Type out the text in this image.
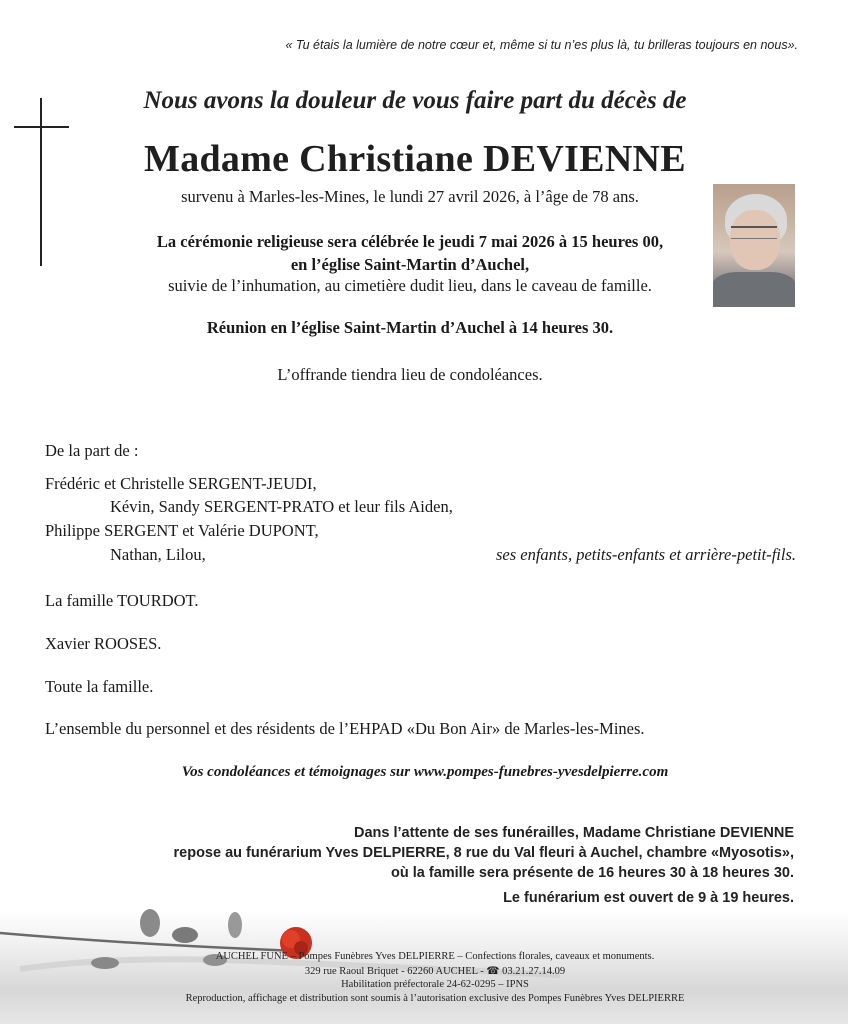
« Tu étais la lumière de notre cœur et, même si tu n’es plus là, tu brilleras toujours en nous».
Nous avons la douleur de vous faire part du décès de
Madame Christiane DEVIENNE
survenu à Marles-les-Mines, le lundi 27 avril 2026, à l’âge de 78 ans.
La cérémonie religieuse sera célébrée le jeudi 7 mai 2026 à 15 heures 00,
en l’église Saint-Martin d’Auchel,
suivie de l’inhumation, au cimetière dudit lieu, dans le caveau de famille.
Réunion en l’église Saint-Martin d’Auchel à 14 heures 30.
L’offrande tiendra lieu de condoléances.
De la part de :
Frédéric et Christelle SERGENT-JEUDI,
Kévin, Sandy SERGENT-PRATO et leur fils Aiden,
Philippe SERGENT et Valérie DUPONT,
Nathan, Lilou,	ses enfants, petits-enfants et arrière-petit-fils.
La famille TOURDOT.
Xavier ROOSES.
Toute la famille.
L’ensemble du personnel et des résidents de l’EHPAD «Du Bon Air» de Marles-les-Mines.
Vos condoléances et témoignages sur www.pompes-funebres-yvesdelpierre.com
Dans l’attente de ses funérailles, Madame Christiane DEVIENNE
repose au funérarium Yves DELPIERRE, 8 rue du Val fleuri à Auchel, chambre «Myosotis»,
où la famille sera présente de 16 heures 30 à 18 heures 30.
Le funérarium est ouvert de 9 à 19 heures.
AUCHEL FUNE – Pompes Funèbres Yves DELPIERRE – Confections florales, caveaux et monuments.
329 rue Raoul Briquet - 62260 AUCHEL - ☎ 03.21.27.14.09
Habilitation préfectorale 24-62-0295 – IPNS
Reproduction, affichage et distribution sont soumis à l’autorisation exclusive des Pompes Funèbres Yves DELPIERRE
